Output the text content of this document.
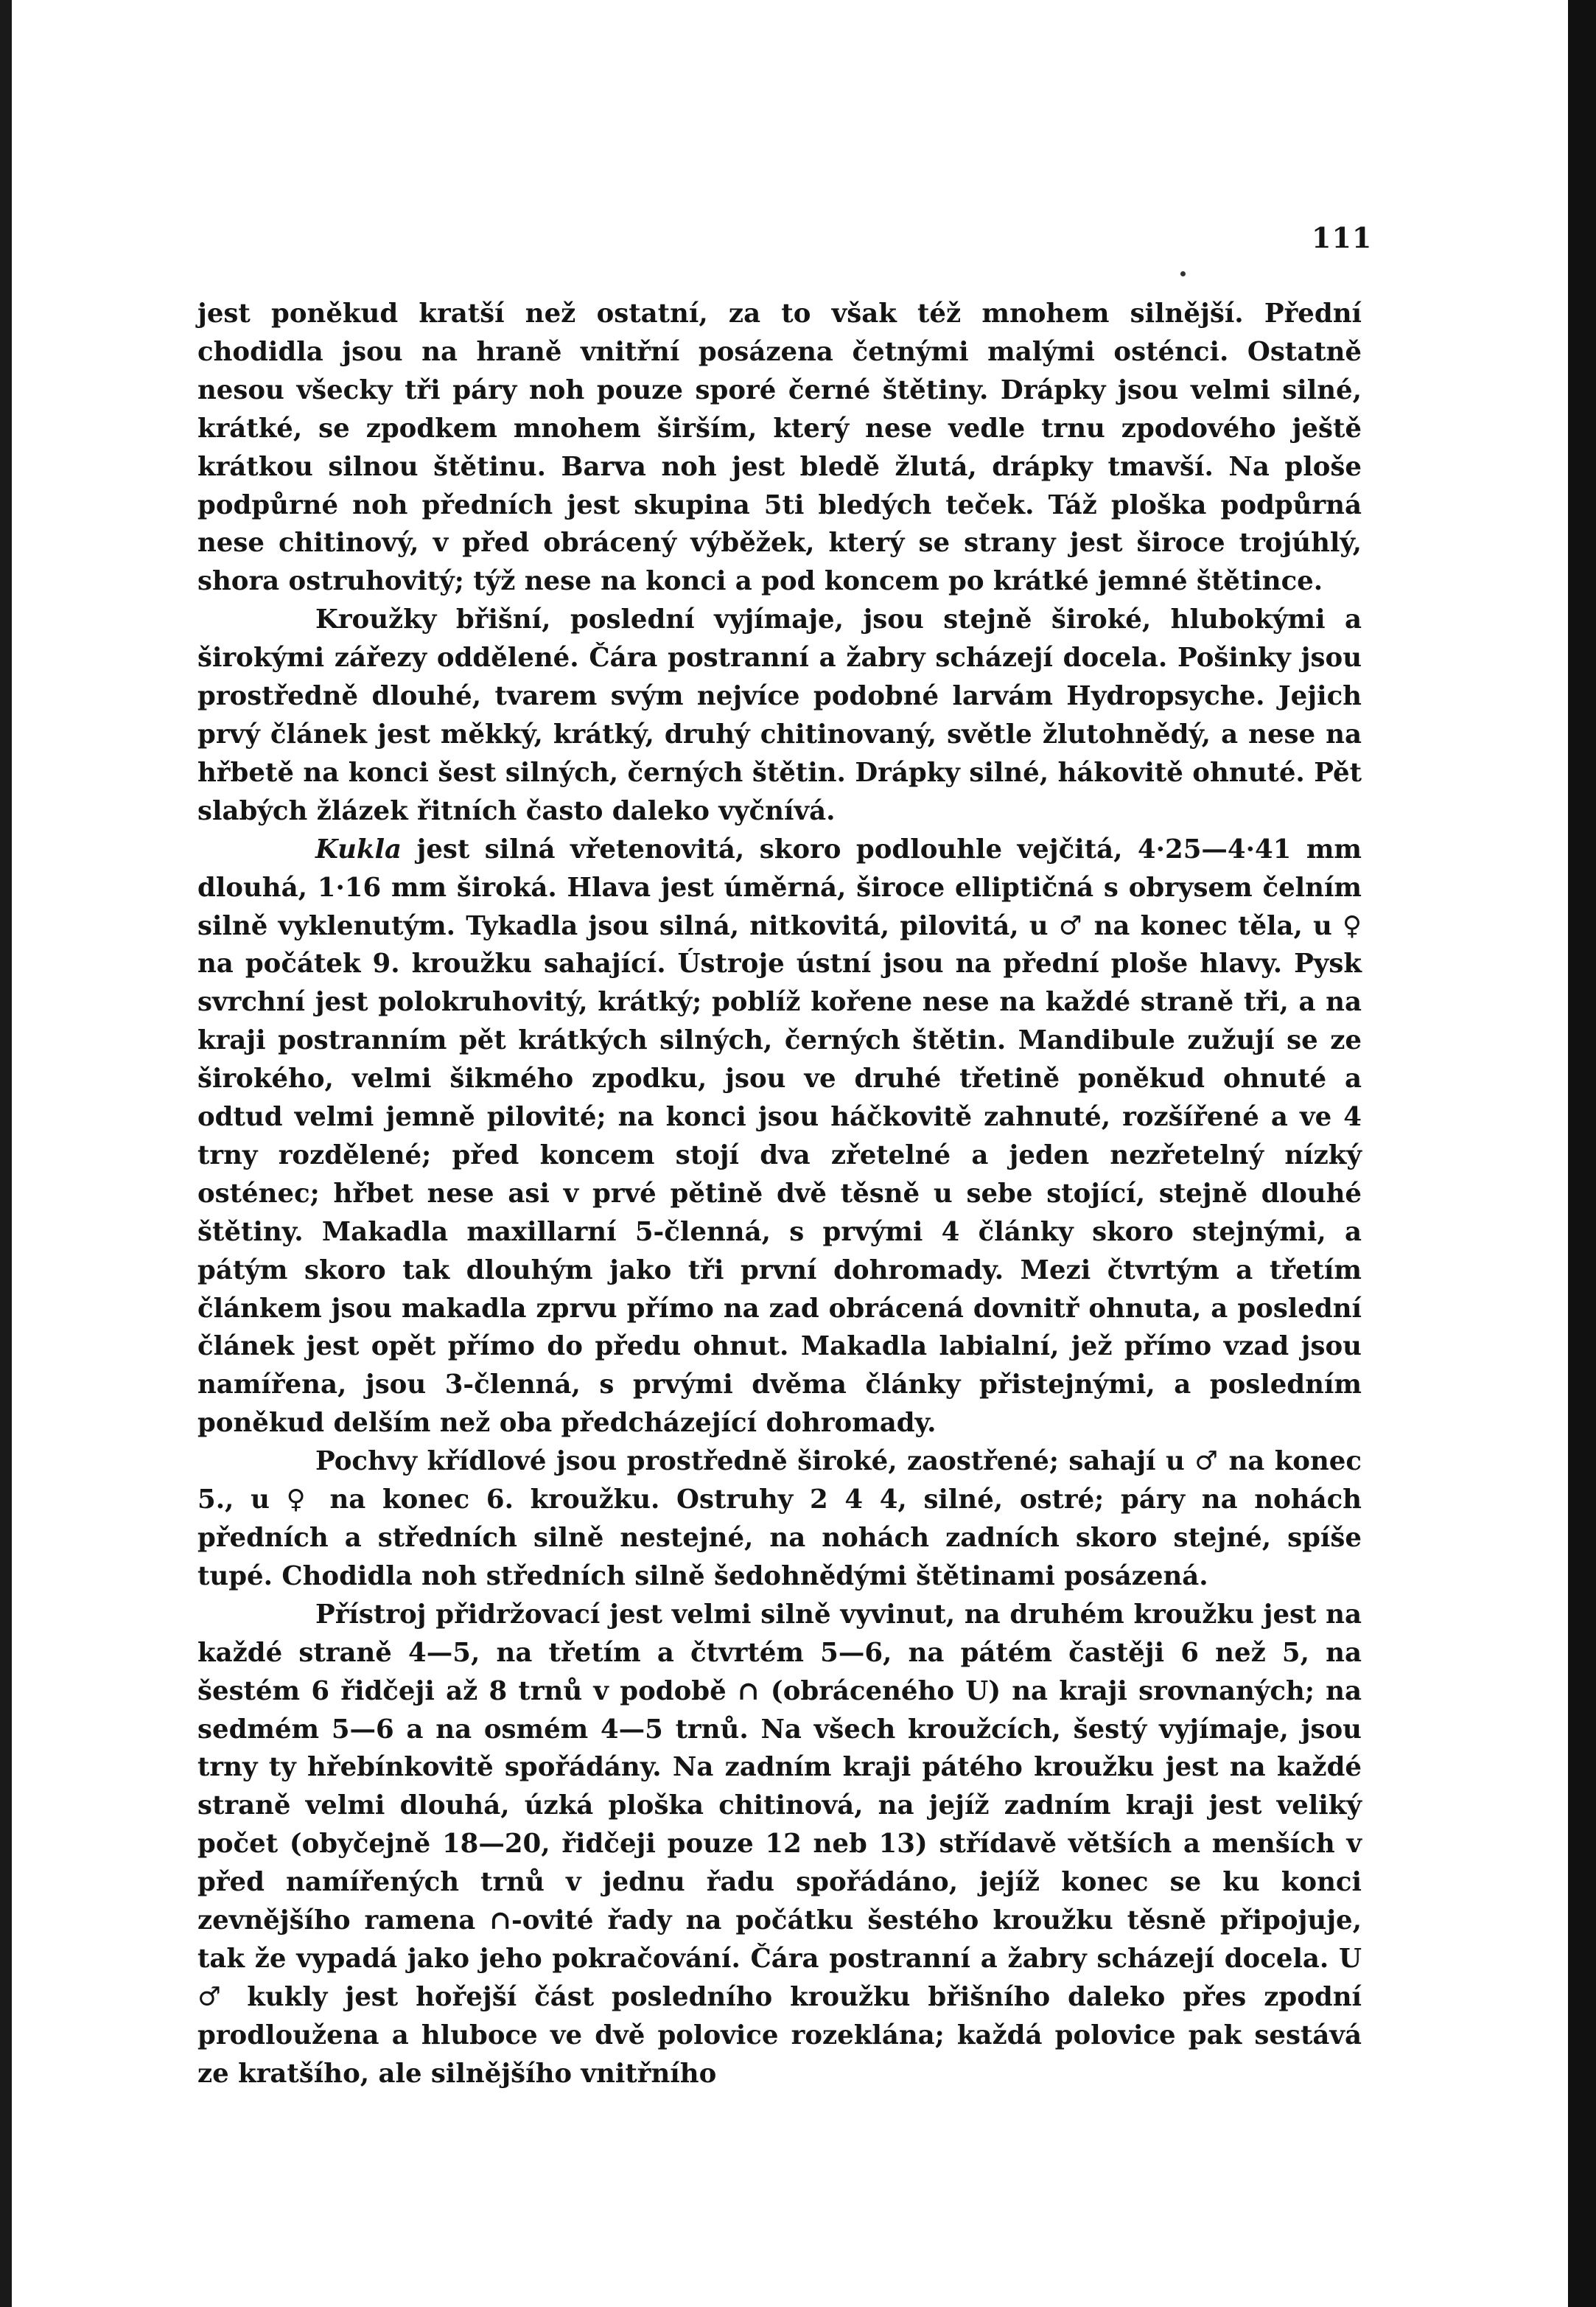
111

jest poněkud kratší než ostatní, za to však též mnohem silnější. Přední chodidla jsou na hraně vnitřní posázena četnými malými osténci. Ostatně nesou všecky tři páry noh pouze sporé černé štětiny. Drápky jsou velmi silné, krátké, se zpodkem mnohem širším, který nese vedle trnu zpodového ještě krátkou silnou štětinu. Barva noh jest bledě žlutá, drápky tmavší. Na ploše podpůrné noh předních jest skupina 5ti bledých teček. Táž ploška podpůrná nese chitinový, v před obrácený výběžek, který se strany jest široce trojúhlý, shora ostruhovitý; týž nese na konci a pod koncem po krátké jemné štětince.

Kroužky břišní, poslední vyjímaje, jsou stejně široké, hlubokými a širokými zářezy oddělené. Čára postranní a žabry scházejí docela. Pošinky jsou prostředně dlouhé, tvarem svým nejvíce podobné larvám Hydropsyche. Jejich prvý článek jest měkký, krátký, druhý chitinovaný, světle žlutohnědý, a nese na hřbetě na konci šest silných, černých štětin. Drápky silné, hákovitě ohnuté. Pět slabých žlázek řitních často daleko vyčnívá.

Kukla jest silná vřetenovitá, skoro podlouhle vejčitá, 4·25—4·41 mm dlouhá, 1·16 mm široká. Hlava jest úměrná, široce elliptičná s obrysem čelním silně vyklenutým. Tykadla jsou silná, nitkovitá, pilovitá, u ♂ na konec těla, u ♀ na počátek 9. kroužku sahající. Ústroje ústní jsou na přední ploše hlavy. Pysk svrchní jest polokruhovitý, krátký; poblíž kořene nese na každé straně tři, a na kraji postranním pět krátkých silných, černých štětin. Mandibule zužují se ze širokého, velmi šikmého zpodku, jsou ve druhé třetině poněkud ohnuté a odtud velmi jemně pilovité; na konci jsou háčkovitě zahnuté, rozšířené a ve 4 trny rozdělené; před koncem stojí dva zřetelné a jeden nezřetelný nízký osténec; hřbet nese asi v prvé pětině dvě těsně u sebe stojící, stejně dlouhé štětiny. Makadla maxillarní 5-členná, s prvými 4 články skoro stejnými, a pátým skoro tak dlouhým jako tři první dohromady. Mezi čtvrtým a třetím článkem jsou makadla zprvu přímo na zad obrácená dovnitř ohnuta, a poslední článek jest opět přímo do předu ohnut. Makadla labialní, jež přímo vzad jsou namířena, jsou 3-členná, s prvými dvěma články přistejnými, a posledním poněkud delším než oba předcházející dohromady.

Pochvy křídlové jsou prostředně široké, zaostřené; sahají u ♂ na konec 5., u ♀ na konec 6. kroužku. Ostruhy 2 4 4, silné, ostré; páry na nohách předních a středních silně nestejné, na nohách zadních skoro stejné, spíše tupé. Chodidla noh středních silně šedohnědými štětinami posázená.

Přístroj přidržovací jest velmi silně vyvinut, na druhém kroužku jest na každé straně 4—5, na třetím a čtvrtém 5—6, na pátém častěji 6 než 5, na šestém 6 řidčeji až 8 trnů v podobě ∩ (obráceného U) na kraji srovnaných; na sedmém 5—6 a na osmém 4—5 trnů. Na všech kroužcích, šestý vyjímaje, jsou trny ty hřebínkovitě spořádány. Na zadním kraji pátého kroužku jest na každé straně velmi dlouhá, úzká ploška chitinová, na jejíž zadním kraji jest veliký počet (obyčejně 18—20, řidčeji pouze 12 neb 13) střídavě větších a menších v před namířených trnů v jednu řadu spořádáno, jejíž konec se ku konci zevnějšího ramena ∩-ovité řady na počátku šestého kroužku těsně připojuje, tak že vypadá jako jeho pokračování. Čára postranní a žabry scházejí docela. U ♂ kukly jest hořejší část posledního kroužku břišního daleko přes zpodní prodloužena a hluboce ve dvě polovice rozeklána; každá polovice pak sestává ze kratšího, ale silnějšího vnitřního
